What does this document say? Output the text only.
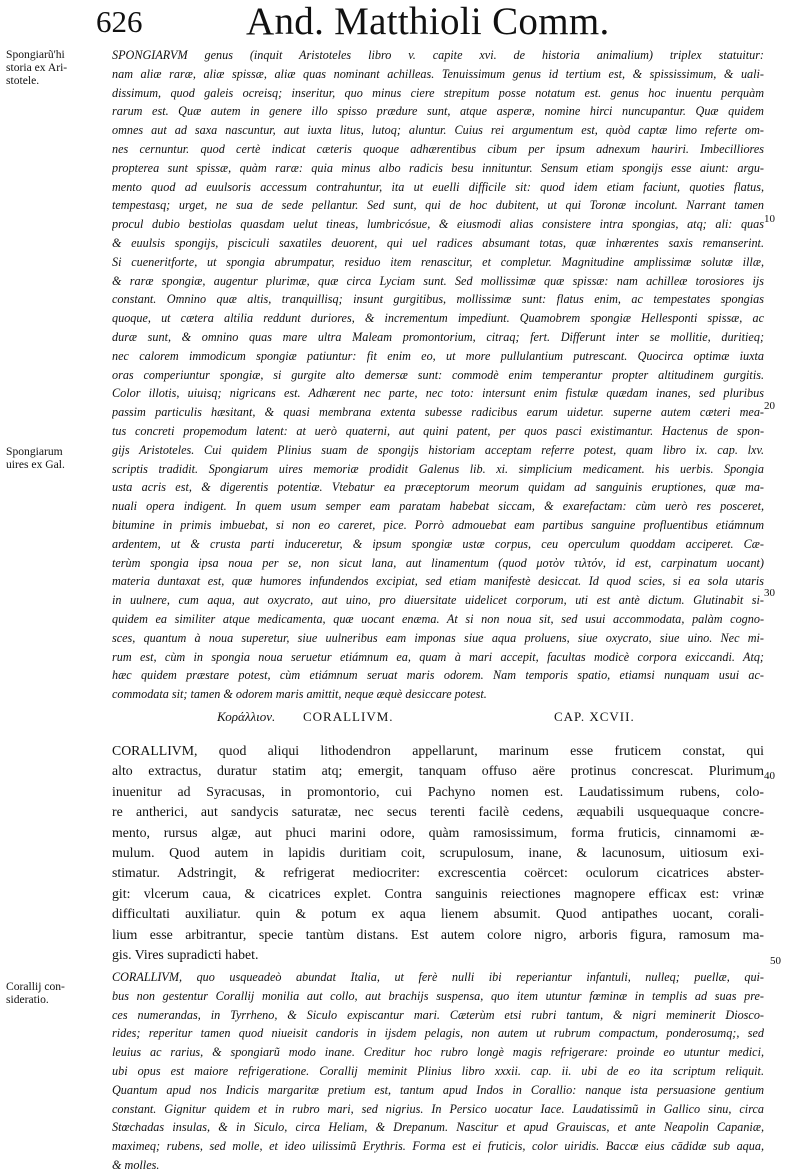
626	And. Matthioli Comm.
Spongiarũ'hi
storia ex Ari-
stotele.
Spongiarum
uires ex Gal.
Corallij con-
sideratio.
10
20
30
40
50
SPONGIARVM genus (inquit Aristoteles libro v. capite xvi. de historia animalium) triplex statuitur:
nam aliæ raræ, aliæ spissæ, aliæ quas nominant achilleas. Tenuissimum genus id tertium est, & spississimum, & uali-
dissimum, quod galeis ocreisq; inseritur, quo minus ciere strepitum posse notatum est. genus hoc inuentu perquàm
rarum est. Quæ autem in genere illo spisso prædure sunt, atque asperæ, nomine hirci nuncupantur. Quæ quidem
omnes aut ad saxa nascuntur, aut iuxta litus, lutoq; aluntur. Cuius rei argumentum est, quòd captæ limo referte om-
nes cernuntur. quod certè indicat cæteris quoque adhærentibus cibum per ipsum adnexum hauriri. Imbecilliores
propterea sunt spissæ, quàm raræ: quia minus albo radicis besu innituntur. Sensum etiam spongijs esse aiunt: argu-
mento quod ad euulsoris accessum contrahuntur, ita ut euelli difficile sit: quod idem etiam faciunt, quoties flatus,
tempestasq; urget, ne sua de sede pellantur. Sed sunt, qui de hoc dubitent, ut qui Toronæ incolunt. Narrant tamen
procul dubio bestiolas quasdam uelut tineas, lumbricósue, & eiusmodi alias consistere intra spongias, atq; ali: quas
& euulsis spongijs, pisciculi saxatiles deuorent, qui uel radices absumant totas, quæ inhærentes saxis remanserint.
Si cueneritforte, ut spongia abrumpatur, residuo item renascitur, et completur. Magnitudine amplissimæ solutæ illæ,
& raræ spongiæ, augentur plurimæ, quæ circa Lyciam sunt. Sed mollissimæ quæ spissæ: nam achilleæ torosiores ijs
constant. Omnino quæ altis, tranquillisq; insunt gurgitibus, mollissimæ sunt: flatus enim, ac tempestates spongias
quoque, ut cætera altilia reddunt duriores, & incrementum impediunt. Quamobrem spongiæ Hellesponti spissæ, ac
duræ sunt, & omnino quas mare ultra Maleam promontorium, citraq; fert. Differunt inter se mollitie, duritieq;
nec calorem immodicum spongiæ patiuntur: fit enim eo, ut more pullulantium putrescant. Quocirca optimæ iuxta
oras comperiuntur spongiæ, si gurgite alto demersæ sunt: commodè enim temperantur propter altitudinem gurgitis.
Color illotis, uiuisq; nigricans est. Adhærent nec parte, nec toto: intersunt enim fistulæ quædam inanes, sed pluribus
passim particulis hæsitant, & quasi membrana extenta subesse radicibus earum uidetur. superne autem cæteri mea-
tus concreti propemodum latent: at uerò quaterni, aut quini patent, per quos pasci existimantur. Hactenus de spon-
gijs Aristoteles. Cui quidem Plinius suam de spongijs historiam acceptam referre potest, quam libro ix. cap. lxv.
scriptis tradidit. Spongiarum uires memoriæ prodidit Galenus lib. xi. simplicium medicament. his uerbis. Spongia
usta acris est, & digerentis potentiæ. Vtebatur ea præceptorum meorum quidam ad sanguinis eruptiones, quæ ma-
nuali opera indigent. In quem usum semper eam paratam habebat siccam, & exarefactam: cùm uerò res posceret,
bitumine in primis imbuebat, si non eo careret, pice. Porrò admouebat eam partibus sanguine profluentibus etiámnum
ardentem, ut & crusta parti induceretur, & ipsum spongiæ ustæ corpus, ceu operculum quoddam acciperet. Cæ-
terùm spongia ipsa noua per se, non sicut lana, aut linamentum (quod μοτὸν τιλτόν, id est, carpinatum uocant)
materia duntaxat est, quæ humores infundendos excipiat, sed etiam manifestè desiccat. Id quod scies, si ea sola utaris
in uulnere, cum aqua, aut oxycrato, aut uino, pro diuersitate uidelicet corporum, uti est antè dictum. Glutinabit si-
quidem ea similiter atque medicamenta, quæ uocant enæma. At si non noua sit, sed usui accommodata, palàm cogno-
sces, quantum à noua superetur, siue uulneribus eam imponas siue aqua proluens, siue oxycrato, siue uino. Nec mi-
rum est, cùm in spongia noua seruetur etiámnum ea, quam à mari accepit, facultas modicè corpora exiccandi. Atq;
hæc quidem præstare potest, cùm etiámnum seruat maris odorem. Nam temporis spatio, etiamsi nunquam usui ac-
commodata sit; tamen & odorem maris amittit, neque æquè desiccare potest.
Κοράλλιον. CORALLIVM.	CAP. XCVII.
CORALLIVM, quod aliqui lithodendron appellarunt, marinum esse fruticem constat, qui
alto extractus, duratur statim atq; emergit, tanquam offuso aëre protinus concrescat. Plurimum
inuenitur ad Syracusas, in promontorio, cui Pachyno nomen est. Laudatissimum rubens, colo-
re antherici, aut sandycis saturatæ, nec secus terenti facilè cedens, æquabili usquequaque concre-
mento, rursus algæ, aut phuci marini odore, quàm ramosissimum, forma fruticis, cinnamomi æ-
mulum. Quod autem in lapidis duritiam coit, scrupulosum, inane, & lacunosum, uitiosum exi-
stimatur. Adstringit, & refrigerat mediocriter: excrescentia coërcet: oculorum cicatrices abster-
git: vlcerum caua, & cicatrices explet. Contra sanguinis reiectiones magnopere efficax est: vrinæ
difficultati auxiliatur. quin & potum ex aqua lienem absumit. Quod antipathes uocant, corali-
lium esse arbitrantur, specie tantùm distans. Est autem colore nigro, arboris figura, ramosum ma-
gis. Vires supradicti habet.
CORALLIVM, quo usqueadeò abundat Italia, ut ferè nulli ibi reperiantur infantuli, nulleq; puellæ, qui-
bus non gestentur Corallij monilia aut collo, aut brachijs suspensa, quo item utuntur fœminæ in templis ad suas pre-
ces numerandas, in Tyrrheno, & Siculo expiscantur mari. Cæterùm etsi rubri tantum, & nigri meminerit Dioscο-
rides; reperitur tamen quod niueisit candoris in ijsdem pelagis, non autem ut rubrum compactum, ponderosumq;, sed
leuius ac rarius, & spongiarũ modo inane. Creditur hoc rubro longè magis refrigerare: proinde eo utuntur medici,
ubi opus est maiore refrigeratione. Corallij meminit Plinius libro xxxii. cap. ii. ubi de eo ita scriptum reliquit.
Quantum apud nos Indicis margaritæ pretium est, tantum apud Indos in Corallio: nanque ista persuasione gentium
constant. Gignitur quidem et in rubro mari, sed nigrius. In Persico uocatur Iace. Laudatissimũ in Gallico sinu, circa
Stœchadas insulas, & in Siculo, circa Heliam, & Drepanum. Nascitur et apud Grauiscas, et ante Neapolin Capaniæ,
maximeq; rubens, sed molle, et ideo uilissimũ Erythris. Forma est ei fruticis, color uiridis. Baccæ eius cādidæ sub aqua,
& molles.
